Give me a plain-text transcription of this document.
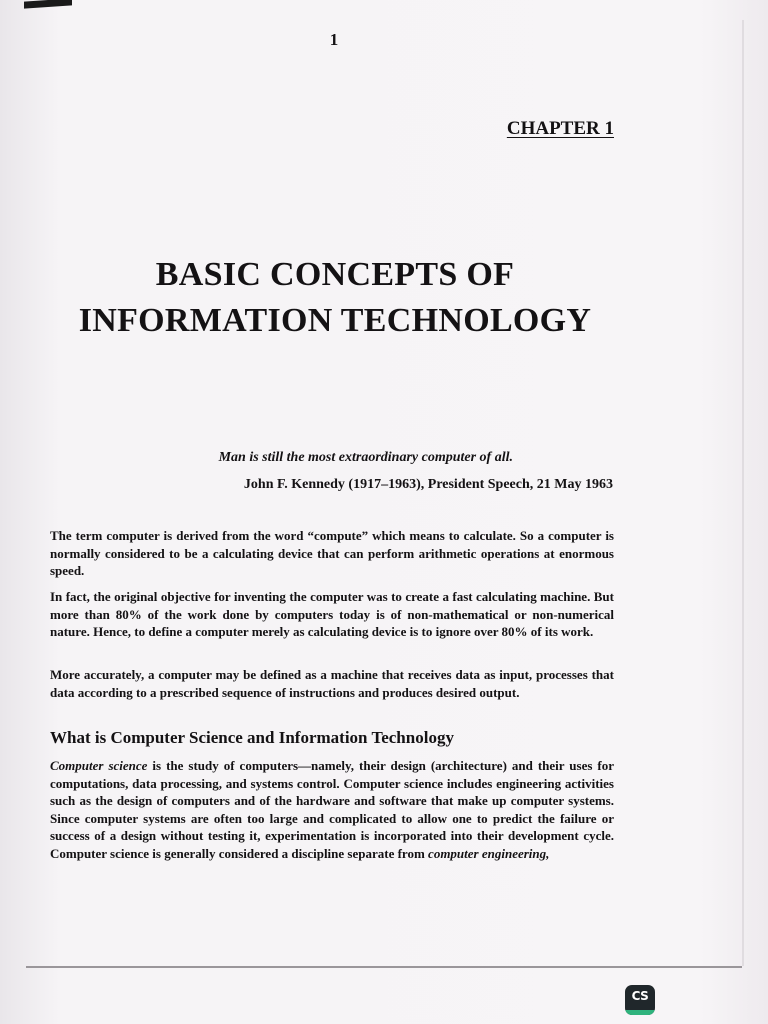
1
CHAPTER 1
BASIC CONCEPTS OF
INFORMATION TECHNOLOGY
Man is still the most extraordinary computer of all.
John F. Kennedy (1917–1963), President Speech, 21 May 1963

The term computer is derived from the word “compute” which means to calculate. So a computer is normally considered to be a calculating device that can perform arithmetic operations at enormous speed.

In fact, the original objective for inventing the computer was to create a fast calculating machine. But more than 80% of the work done by computers today is of non-mathematical or non-numerical nature. Hence, to define a computer merely as calculating device is to ignore over 80% of its work.

More accurately, a computer may be defined as a machine that receives data as input, processes that data according to a prescribed sequence of instructions and produces desired output.

What is Computer Science and Information Technology

Computer science is the study of computers—namely, their design (architecture) and their uses for computations, data processing, and systems control. Computer science includes engineering activities such as the design of computers and of the hardware and software that make up computer systems. Since computer systems are often too large and complicated to allow one to predict the failure or success of a design without testing it, experimentation is incorporated into their development cycle. Computer science is generally considered a discipline separate from computer engineering,

CS
